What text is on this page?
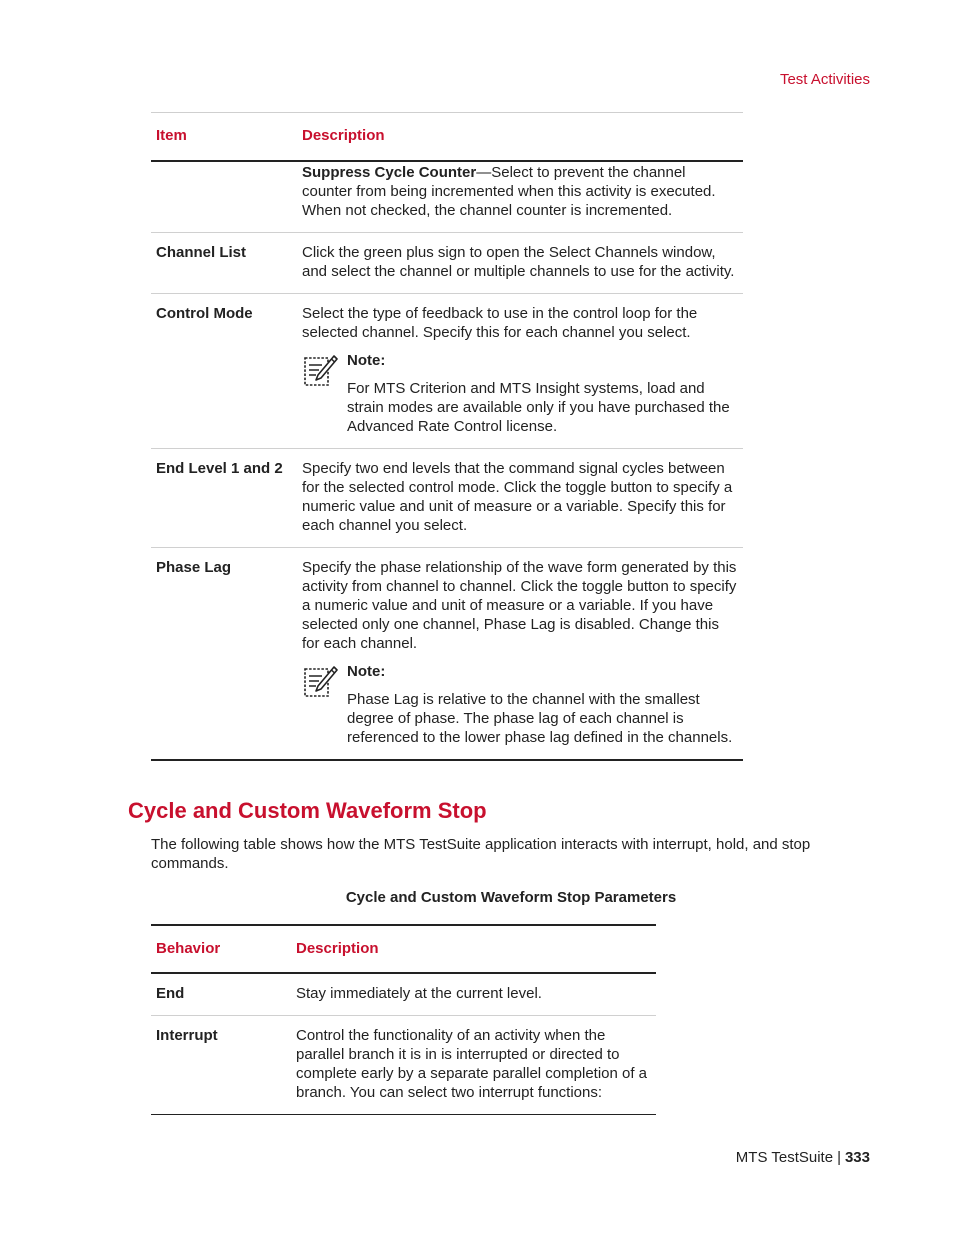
Test Activities
Item	Description
	Suppress Cycle Counter—Select to prevent the channel counter from being incremented when this activity is executed. When not checked, the channel counter is incremented.
Channel List	Click the green plus sign to open the Select Channels window, and select the channel or multiple channels to use for the activity.

Control Mode	Select the type of feedback to use in the control loop for the selected channel. Specify this for each channel you select.
Note:
For MTS Criterion and MTS Insight systems, load and strain modes are available only if you have purchased the Advanced Rate Control license.

End Level 1 and 2	Specify two end levels that the command signal cycles between for the selected control mode. Click the toggle button to specify a numeric value and unit of measure or a variable. Specify this for each channel you select.

Phase Lag	Specify the phase relationship of the wave form generated by this activity from channel to channel. Click the toggle button to specify a numeric value and unit of measure or a variable. If you have selected only one channel, Phase Lag is disabled. Change this for each channel.
Note:
Phase Lag is relative to the channel with the smallest degree of phase. The phase lag of each channel is referenced to the lower phase lag defined in the channels.
Cycle and Custom Waveform Stop
The following table shows how the MTS TestSuite application interacts with interrupt, hold, and stop commands.
Cycle and Custom Waveform Stop Parameters
Behavior	Description
End	Stay immediately at the current level.
Interrupt	Control the functionality of an activity when the parallel branch it is in is interrupted or directed to complete early by a separate parallel completion of a branch. You can select two interrupt functions:
MTS TestSuite | 333
